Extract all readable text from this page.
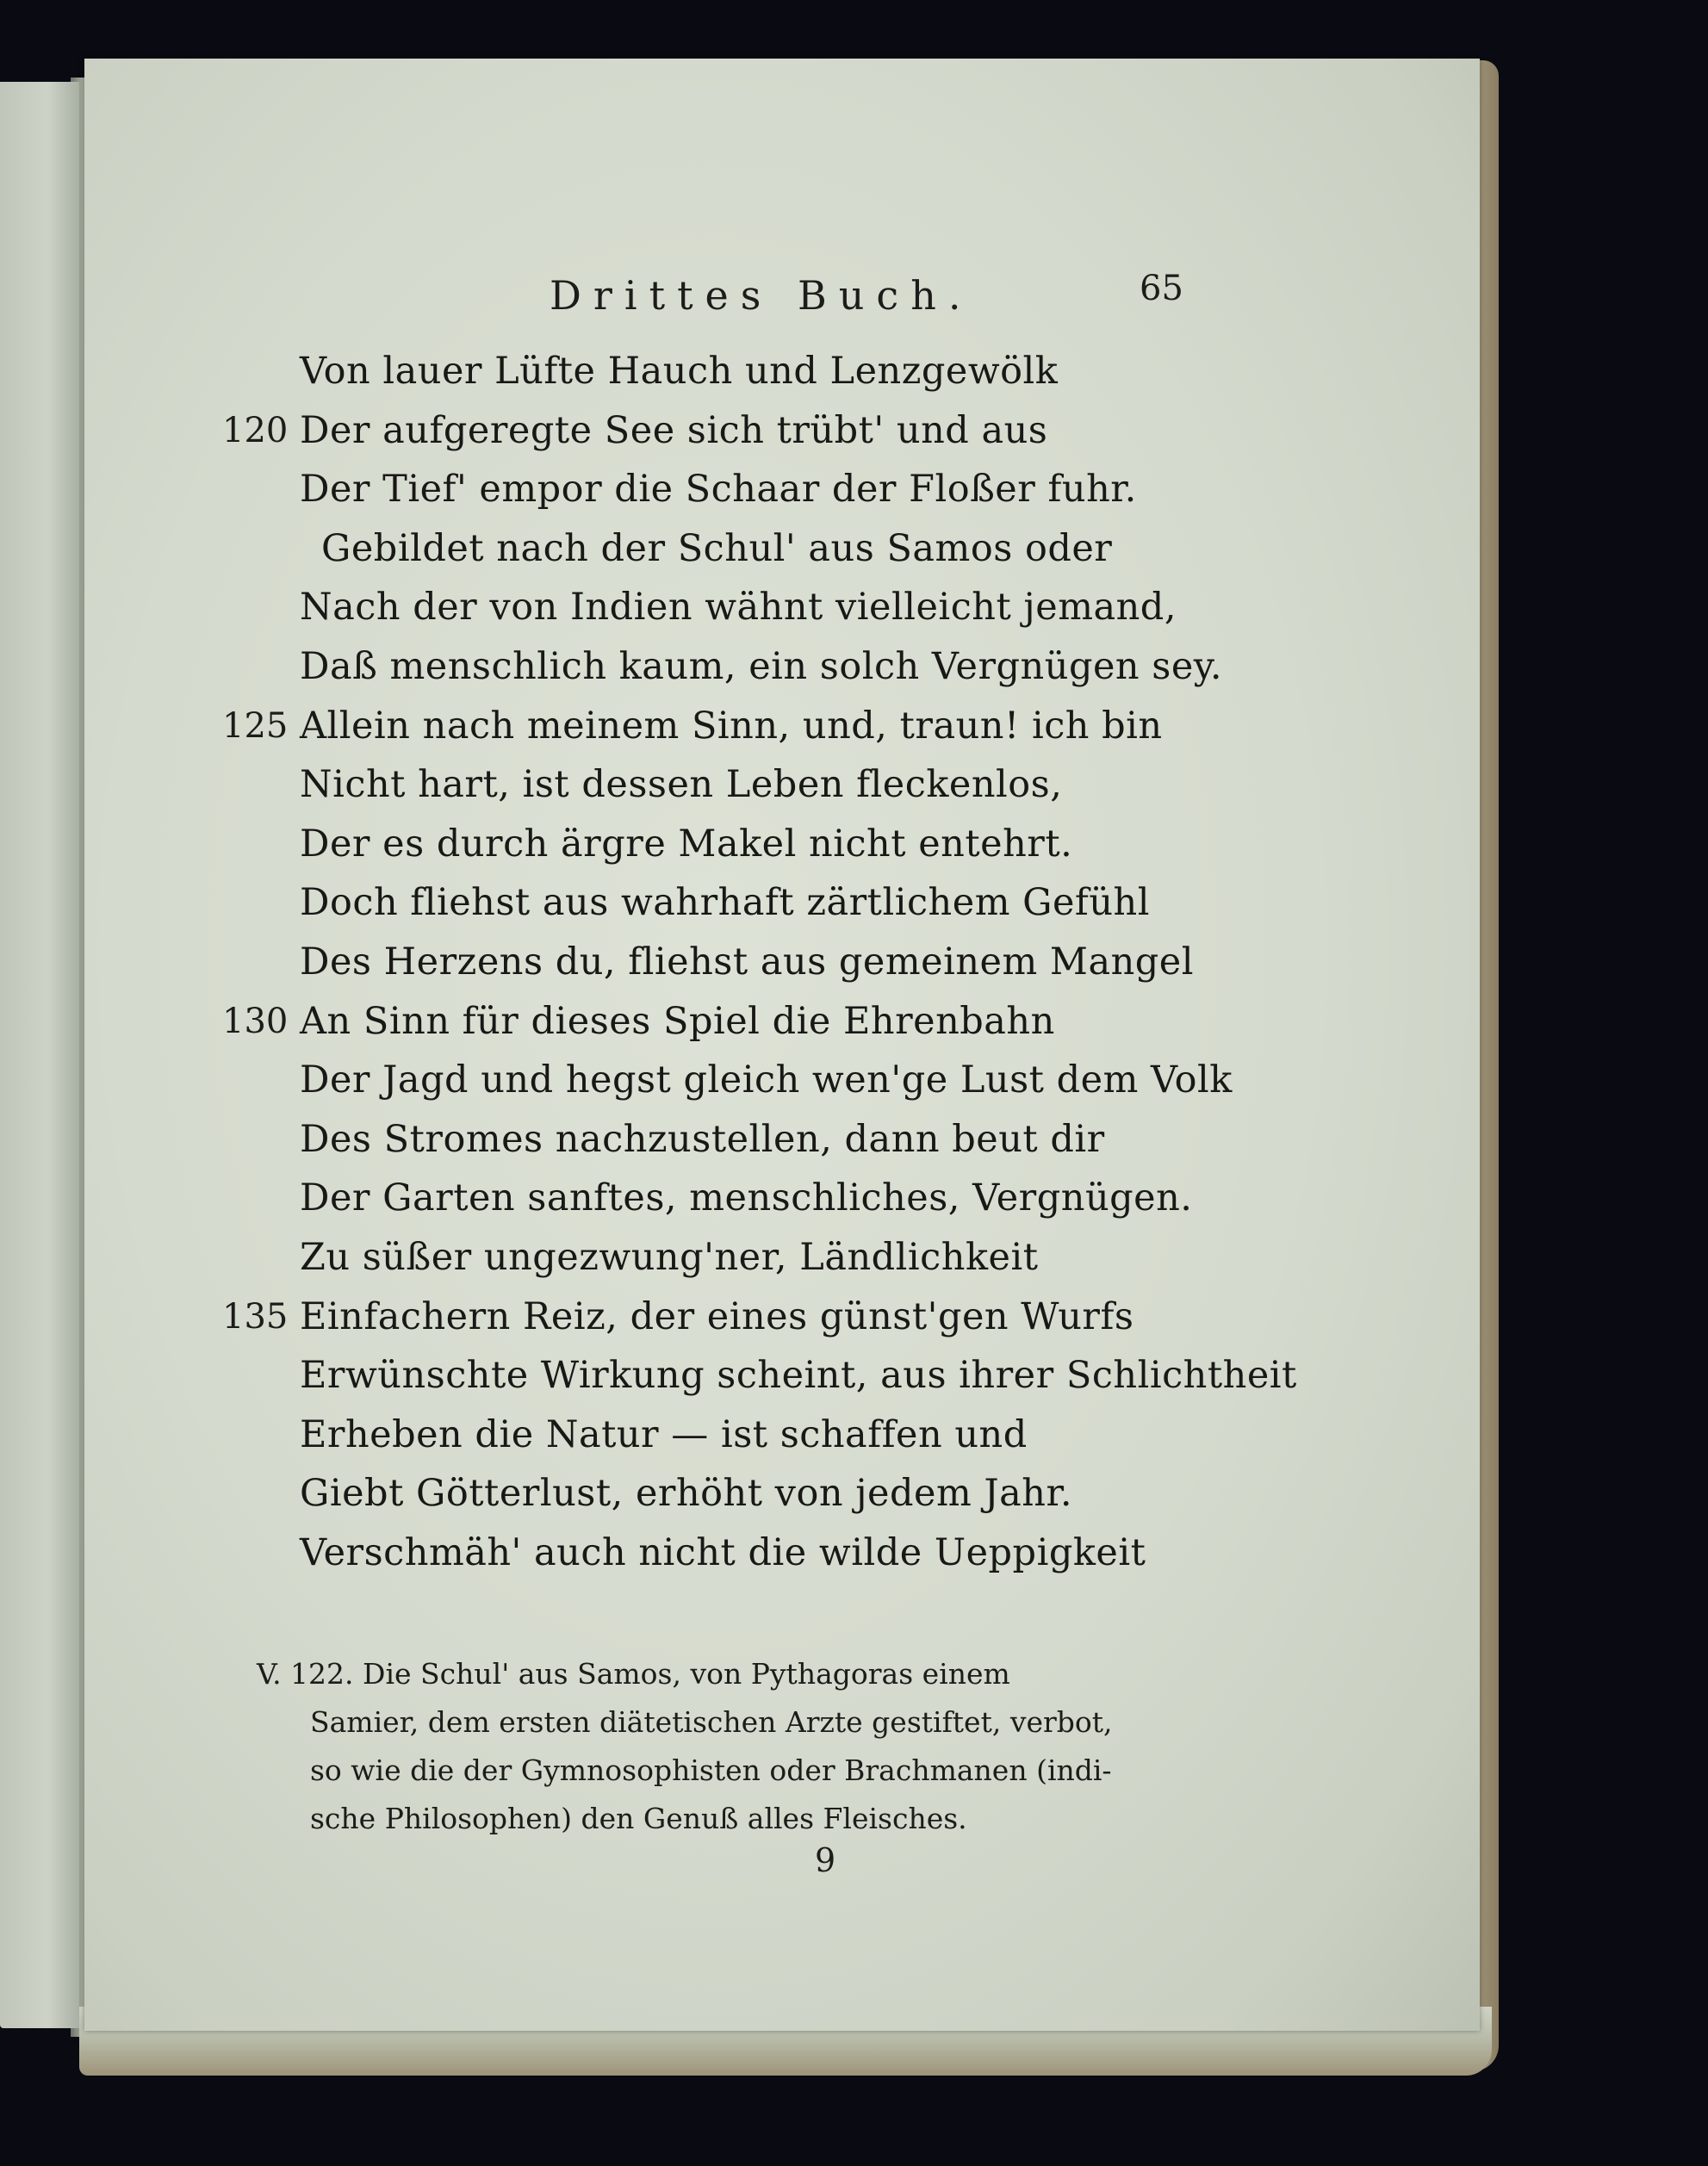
Drittes Buch.	65
Von lauer Lüfte Hauch und Lenzgewölk
120 Der aufgeregte See sich trübt' und aus
Der Tief' empor die Schaar der Floßer fuhr.
Gebildet nach der Schul' aus Samos oder
Nach der von Indien wähnt vielleicht jemand,
Daß menschlich kaum, ein solch Vergnügen sey.
125 Allein nach meinem Sinn, und, traun! ich bin
Nicht hart, ist dessen Leben fleckenlos,
Der es durch ärgre Makel nicht entehrt.
Doch fliehst aus wahrhaft zärtlichem Gefühl
Des Herzens du, fliehst aus gemeinem Mangel
130 An Sinn für dieses Spiel die Ehrenbahn
Der Jagd und hegst gleich wen'ge Lust dem Volk
Des Stromes nachzustellen, dann beut dir
Der Garten sanftes, menschliches, Vergnügen.
Zu süßer ungezwung'ner, Ländlichkeit
135 Einfachern Reiz, der eines günst'gen Wurfs
Erwünschte Wirkung scheint, aus ihrer Schlichtheit
Erheben die Natur — ist schaffen und
Giebt Götterlust, erhöht von jedem Jahr.
Verschmäh' auch nicht die wilde Ueppigkeit
V. 122. Die Schul' aus Samos, von Pythagoras einem
Samier, dem ersten diätetischen Arzte gestiftet, verbot,
so wie die der Gymnosophisten oder Brachmanen (indi-
sche Philosophen) den Genuß alles Fleisches.
9
